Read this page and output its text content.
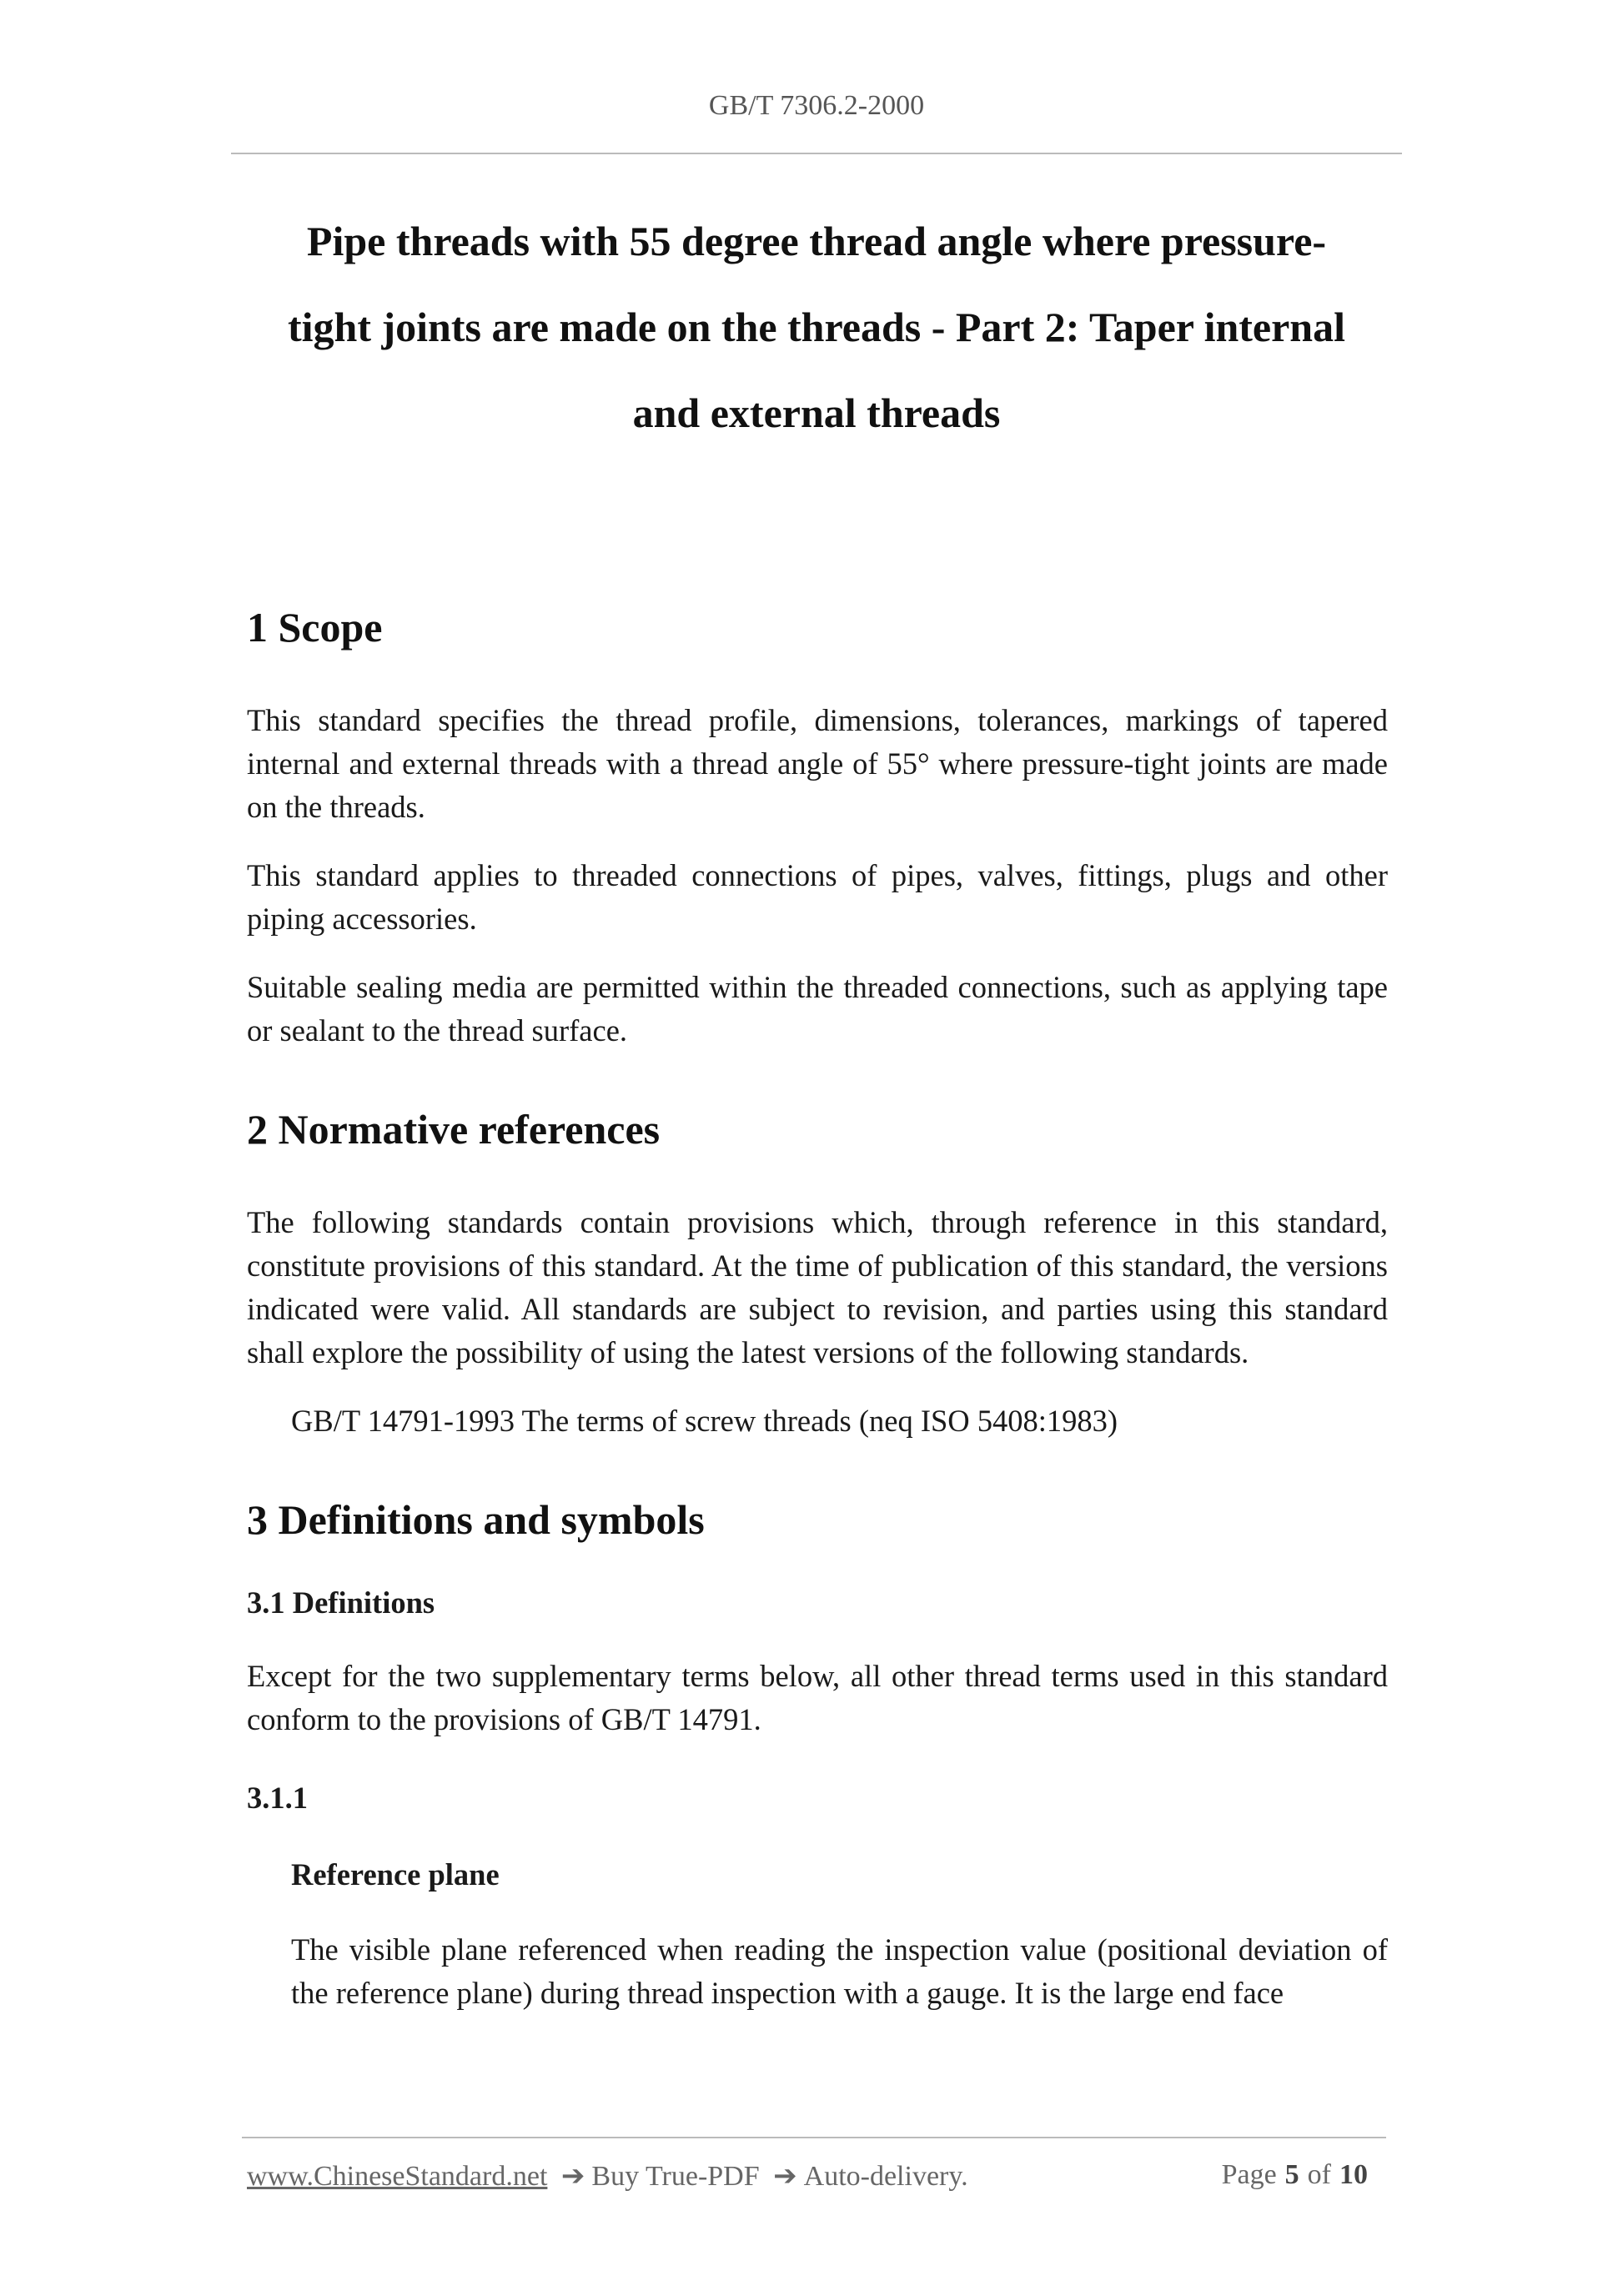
GB/T 7306.2-2000
Pipe threads with 55 degree thread angle where pressure-
tight joints are made on the threads - Part 2: Taper internal
and external threads
1 Scope

This standard specifies the thread profile, dimensions, tolerances, markings of tapered internal and external threads with a thread angle of 55° where pressure-tight joints are made on the threads.

This standard applies to threaded connections of pipes, valves, fittings, plugs and other piping accessories.

Suitable sealing media are permitted within the threaded connections, such as applying tape or sealant to the thread surface.

2 Normative references

The following standards contain provisions which, through reference in this standard, constitute provisions of this standard. At the time of publication of this standard, the versions indicated were valid. All standards are subject to revision, and parties using this standard shall explore the possibility of using the latest versions of the following standards.

GB/T 14791-1993 The terms of screw threads (neq ISO 5408:1983)

3 Definitions and symbols
3.1 Definitions

Except for the two supplementary terms below, all other thread terms used in this standard conform to the provisions of GB/T 14791.

3.1.1
Reference plane

The visible plane referenced when reading the inspection value (positional deviation of the reference plane) during thread inspection with a gauge. It is the large end face

www.ChineseStandard.net ➔ Buy True-PDF ➔ Auto-delivery.	Page 5 of 10
